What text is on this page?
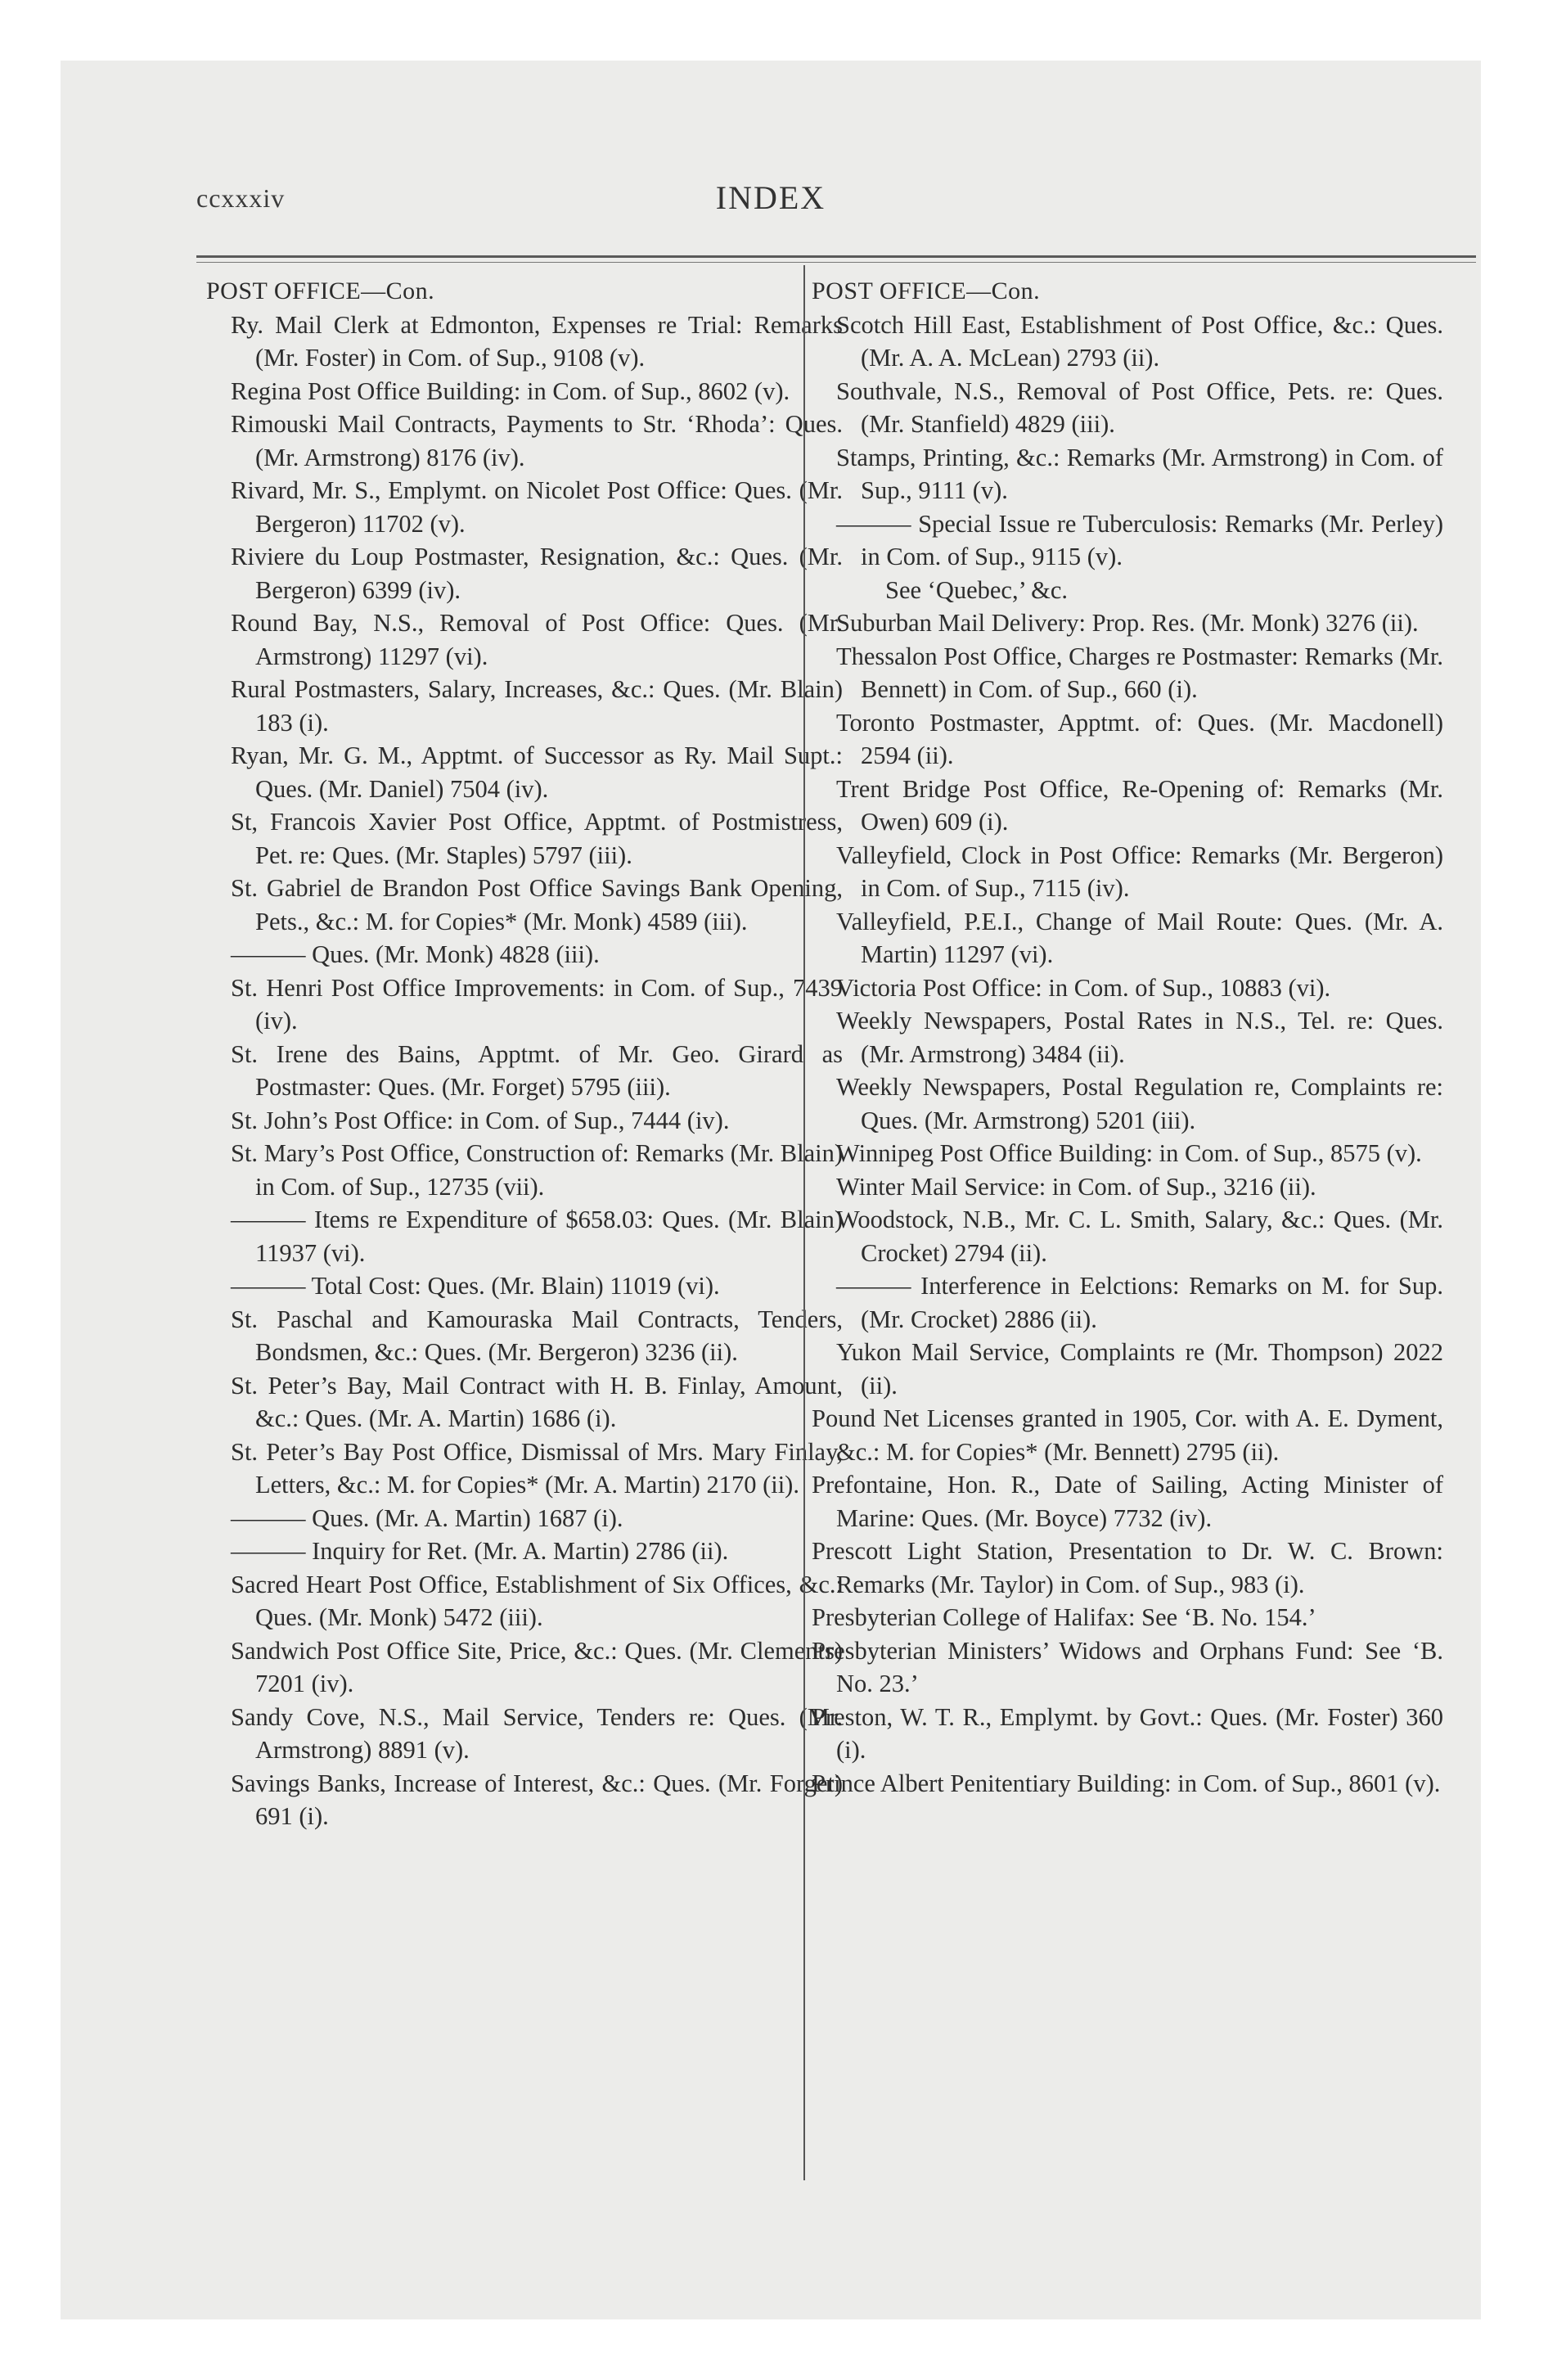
ccxxxiv	INDEX
POST OFFICE—Con.
Ry. Mail Clerk at Edmonton, Expenses re Trial: Remarks (Mr. Foster) in Com. of Sup., 9108 (v).
Regina Post Office Building: in Com. of Sup., 8602 (v).
Rimouski Mail Contracts, Payments to Str. ‘Rhoda’: Ques. (Mr. Armstrong) 8176 (iv).
Rivard, Mr. S., Emplymt. on Nicolet Post Office: Ques. (Mr. Bergeron) 11702 (v).
Riviere du Loup Postmaster, Resignation, &c.: Ques. (Mr. Bergeron) 6399 (iv).
Round Bay, N.S., Removal of Post Office: Ques. (Mr. Armstrong) 11297 (vi).
Rural Postmasters, Salary, Increases, &c.: Ques. (Mr. Blain) 183 (i).
Ryan, Mr. G. M., Apptmt. of Successor as Ry. Mail Supt.: Ques. (Mr. Daniel) 7504 (iv).
St, Francois Xavier Post Office, Apptmt. of Postmistress, Pet. re: Ques. (Mr. Staples) 5797 (iii).
St. Gabriel de Brandon Post Office Savings Bank Opening, Pets., &c.: M. for Copies* (Mr. Monk) 4589 (iii).
——— Ques. (Mr. Monk) 4828 (iii).
St. Henri Post Office Improvements: in Com. of Sup., 7439 (iv).
St. Irene des Bains, Apptmt. of Mr. Geo. Girard as Postmaster: Ques. (Mr. Forget) 5795 (iii).
St. John’s Post Office: in Com. of Sup., 7444 (iv).
St. Mary’s Post Office, Construction of: Remarks (Mr. Blain) in Com. of Sup., 12735 (vii).
——— Items re Expenditure of $658.03: Ques. (Mr. Blain) 11937 (vi).
——— Total Cost: Ques. (Mr. Blain) 11019 (vi).
St. Paschal and Kamouraska Mail Contracts, Tenders, Bondsmen, &c.: Ques. (Mr. Bergeron) 3236 (ii).
St. Peter’s Bay, Mail Contract with H. B. Finlay, Amount, &c.: Ques. (Mr. A. Martin) 1686 (i).
St. Peter’s Bay Post Office, Dismissal of Mrs. Mary Finlay, Letters, &c.: M. for Copies* (Mr. A. Martin) 2170 (ii).
——— Ques. (Mr. A. Martin) 1687 (i).
——— Inquiry for Ret. (Mr. A. Martin) 2786 (ii).
Sacred Heart Post Office, Establishment of Six Offices, &c.: Ques. (Mr. Monk) 5472 (iii).
Sandwich Post Office Site, Price, &c.: Ques. (Mr. Clements) 7201 (iv).
Sandy Cove, N.S., Mail Service, Tenders re: Ques. (Mr. Armstrong) 8891 (v).
Savings Banks, Increase of Interest, &c.: Ques. (Mr. Forget) 691 (i).
POST OFFICE—Con.
Scotch Hill East, Establishment of Post Office, &c.: Ques. (Mr. A. A. McLean) 2793 (ii).
Southvale, N.S., Removal of Post Office, Pets. re: Ques. (Mr. Stanfield) 4829 (iii).
Stamps, Printing, &c.: Remarks (Mr. Armstrong) in Com. of Sup., 9111 (v).
——— Special Issue re Tuberculosis: Remarks (Mr. Perley) in Com. of Sup., 9115 (v).
See ‘Quebec,’ &c.
Suburban Mail Delivery: Prop. Res. (Mr. Monk) 3276 (ii).
Thessalon Post Office, Charges re Postmaster: Remarks (Mr. Bennett) in Com. of Sup., 660 (i).
Toronto Postmaster, Apptmt. of: Ques. (Mr. Macdonell) 2594 (ii).
Trent Bridge Post Office, Re-Opening of: Remarks (Mr. Owen) 609 (i).
Valleyfield, Clock in Post Office: Remarks (Mr. Bergeron) in Com. of Sup., 7115 (iv).
Valleyfield, P.E.I., Change of Mail Route: Ques. (Mr. A. Martin) 11297 (vi).
Victoria Post Office: in Com. of Sup., 10883 (vi).
Weekly Newspapers, Postal Rates in N.S., Tel. re: Ques. (Mr. Armstrong) 3484 (ii).
Weekly Newspapers, Postal Regulation re, Complaints re: Ques. (Mr. Armstrong) 5201 (iii).
Winnipeg Post Office Building: in Com. of Sup., 8575 (v).
Winter Mail Service: in Com. of Sup., 3216 (ii).
Woodstock, N.B., Mr. C. L. Smith, Salary, &c.: Ques. (Mr. Crocket) 2794 (ii).
——— Interference in Eelctions: Remarks on M. for Sup. (Mr. Crocket) 2886 (ii).
Yukon Mail Service, Complaints re (Mr. Thompson) 2022 (ii).
Pound Net Licenses granted in 1905, Cor. with A. E. Dyment, &c.: M. for Copies* (Mr. Bennett) 2795 (ii).
Prefontaine, Hon. R., Date of Sailing, Acting Minister of Marine: Ques. (Mr. Boyce) 7732 (iv).
Prescott Light Station, Presentation to Dr. W. C. Brown: Remarks (Mr. Taylor) in Com. of Sup., 983 (i).
Presbyterian College of Halifax: See ‘B. No. 154.’
Presbyterian Ministers’ Widows and Orphans Fund: See ‘B. No. 23.’
Preston, W. T. R., Emplymt. by Govt.: Ques. (Mr. Foster) 360 (i).
Prince Albert Penitentiary Building: in Com. of Sup., 8601 (v).
